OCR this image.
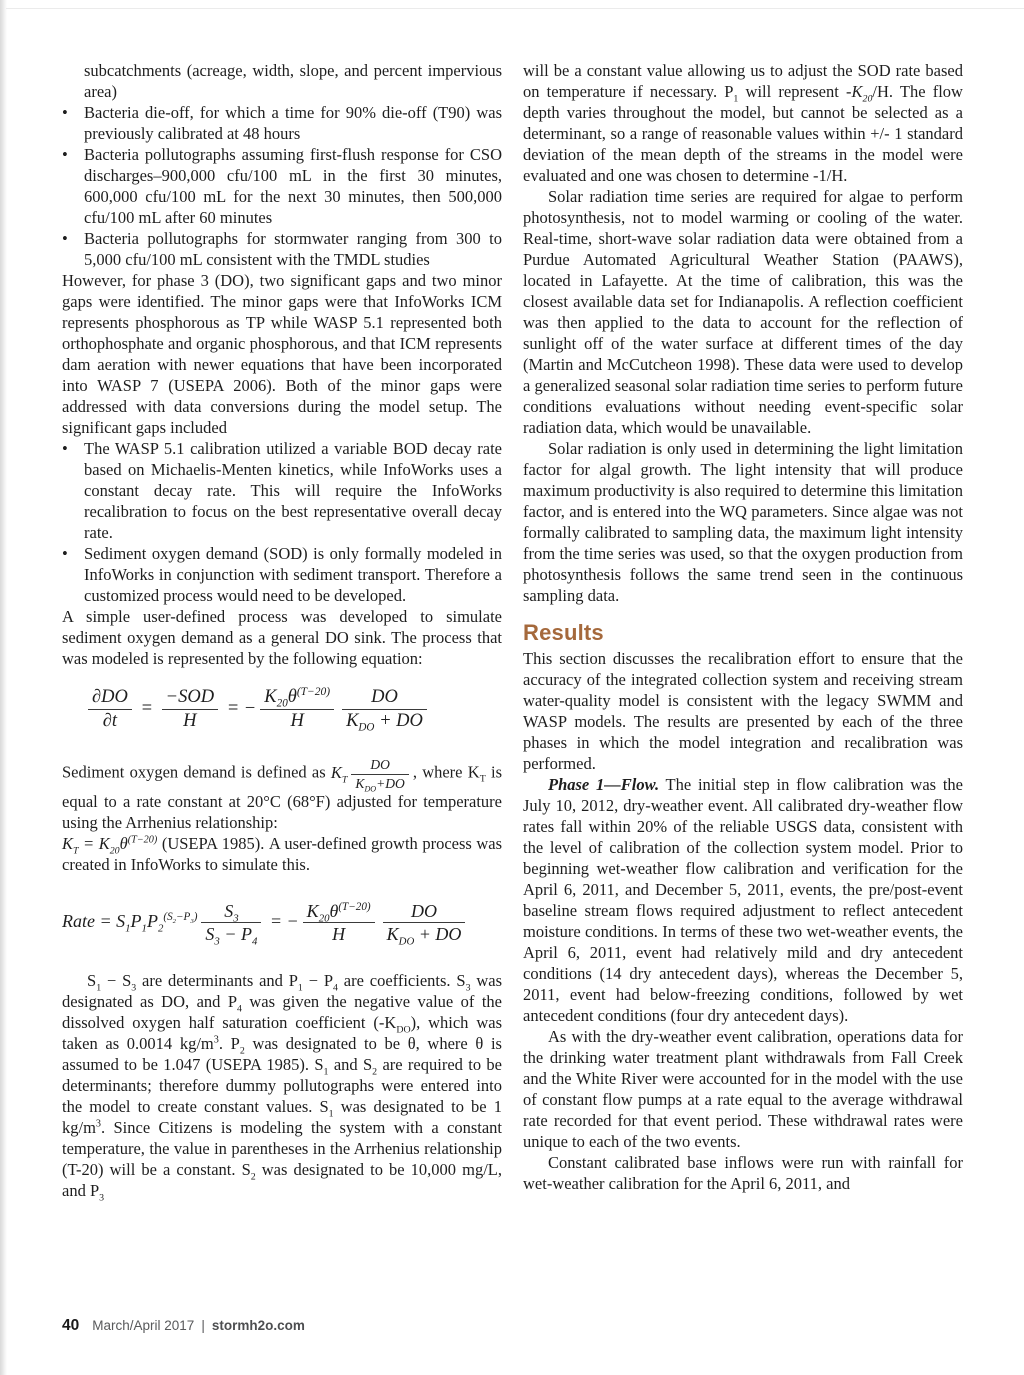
subcatchments (acreage, width, slope, and percent impervious area)
• Bacteria die-off, for which a time for 90% die-off (T90) was previously calibrated at 48 hours
• Bacteria pollutographs assuming first-flush response for CSO discharges–900,000 cfu/100 mL in the first 30 minutes, 600,000 cfu/100 mL for the next 30 minutes, then 500,000 cfu/100 mL after 60 minutes
• Bacteria pollutographs for stormwater ranging from 300 to 5,000 cfu/100 mL consistent with the TMDL studies

However, for phase 3 (DO), two significant gaps and two minor gaps were identified. The minor gaps were that InfoWorks ICM represents phosphorous as TP while WASP 5.1 represented both orthophosphate and organic phosphorous, and that ICM represents dam aeration with newer equations that have been incorporated into WASP 7 (USEPA 2006). Both of the minor gaps were addressed with data conversions during the model setup. The significant gaps included

• The WASP 5.1 calibration utilized a variable BOD decay rate based on Michaelis-Menten kinetics, while InfoWorks uses a constant decay rate. This will require the InfoWorks recalibration to focus on the best representative overall decay rate.
• Sediment oxygen demand (SOD) is only formally modeled in InfoWorks in conjunction with sediment transport. Therefore a customized process would need to be developed.

A simple user-defined process was developed to simulate sediment oxygen demand as a general DO sink. The process that was modeled is represented by the following equation:

$\frac{\partial DO}{\partial t} = \frac{\text{−SOD}}{H}$ = − $\frac{K_{20}\theta^{(T-20)}}{H} \frac{DO}{K_{DO} + DO}$

Sediment oxygen demand is defined as $K_T \frac{DO}{K_{DO}+DO}$ , where $K_T$ is equal to a rate constant at 20°C (68°F) adjusted for temperature using the Arrhenius relationship:

$K_T = K_{20}\theta^{(T-20)}$ (USEPA 1985). A user-defined growth process was created in InfoWorks to simulate this.

Rate = $S_1P_1P_2^{(S_2-P_3)} \frac{S_3}{S_3 - P_4}$ = − $\frac{K_{20}\theta^{(T-20)}}{H} \frac{DO}{K_{DO} + DO}$

$S_1 - S_3$ are determinants and $P_1 - P_4$ are coefficients. $S_3$ was designated as DO, and $P_4$ was given the negative value of the dissolved oxygen half saturation coefficient $(-K_{DO})$, which was taken as 0.0014 $kg/m^3$. $P_2$ was designated to be θ, where θ is assumed to be 1.047 (USEPA 1985). $S_1$ and $S_2$ are required to be determinants; therefore dummy pollutographs were entered into the model to create constant values. $S_1$ was designated to be 1 $kg/m^3$. Since Citizens is modeling the system with a constant temperature, the value in parentheses in the Arrhenius relationship (T-20) will be a constant. $S_2$ was designated to be 10,000 mg/L, and $P_3$

will be a constant value allowing us to adjust the SOD rate based on temperature if necessary. $P_1$ will represent $-K_{20}/H$. The flow depth varies throughout the model, but cannot be selected as a determinant, so a range of reasonable values within +/- 1 standard deviation of the mean depth of the streams in the model were evaluated and one was chosen to determine -1/H.

Solar radiation time series are required for algae to perform photosynthesis, not to model warming or cooling of the water. Real-time, short-wave solar radiation data were obtained from a Purdue Automated Agricultural Weather Station (PAAWS), located in Lafayette. At the time of calibration, this was the closest available data set for Indianapolis. A reflection coefficient was then applied to the data to account for the reflection of sunlight off of the water surface at different times of the day (Martin and McCutcheon 1998). These data were used to develop a generalized seasonal solar radiation time series to perform future conditions evaluations without needing event-specific solar radiation data, which would be unavailable.

Solar radiation is only used in determining the light limitation factor for algal growth. The light intensity that will produce maximum productivity is also required to determine this limitation factor, and is entered into the WQ parameters. Since algae was not formally calibrated to sampling data, the maximum light intensity from the time series was used, so that the oxygen production from photosynthesis follows the same trend seen in the continuous sampling data.

Results

This section discusses the recalibration effort to ensure that the accuracy of the integrated collection system and receiving stream water-quality model is consistent with the legacy SWMM and WASP models. The results are presented by each of the three phases in which the model integration and recalibration was performed.

Phase 1—Flow. The initial step in flow calibration was the July 10, 2012, dry-weather event. All calibrated dry-weather flow rates fall within 20% of the reliable USGS data, consistent with the level of calibration of the collection system model. Prior to beginning wet-weather flow calibration and verification for the April 6, 2011, and December 5, 2011, events, the pre/post-event baseline stream flows required adjustment to reflect antecedent moisture conditions. In terms of these two wet-weather events, the April 6, 2011, event had relatively mild and dry antecedent conditions (14 dry antecedent days), whereas the December 5, 2011, event had below-freezing conditions, followed by wet antecedent conditions (four dry antecedent days).

As with the dry-weather event calibration, operations data for the drinking water treatment plant withdrawals from Fall Creek and the White River were accounted for in the model with the use of constant flow pumps at a rate equal to the average withdrawal rate recorded for that event period. These withdrawal rates were unique to each of the two events.

Constant calibrated base inflows were run with rainfall for wet-weather calibration for the April 6, 2011, and

40 March/April 2017 | stormh2o.com
